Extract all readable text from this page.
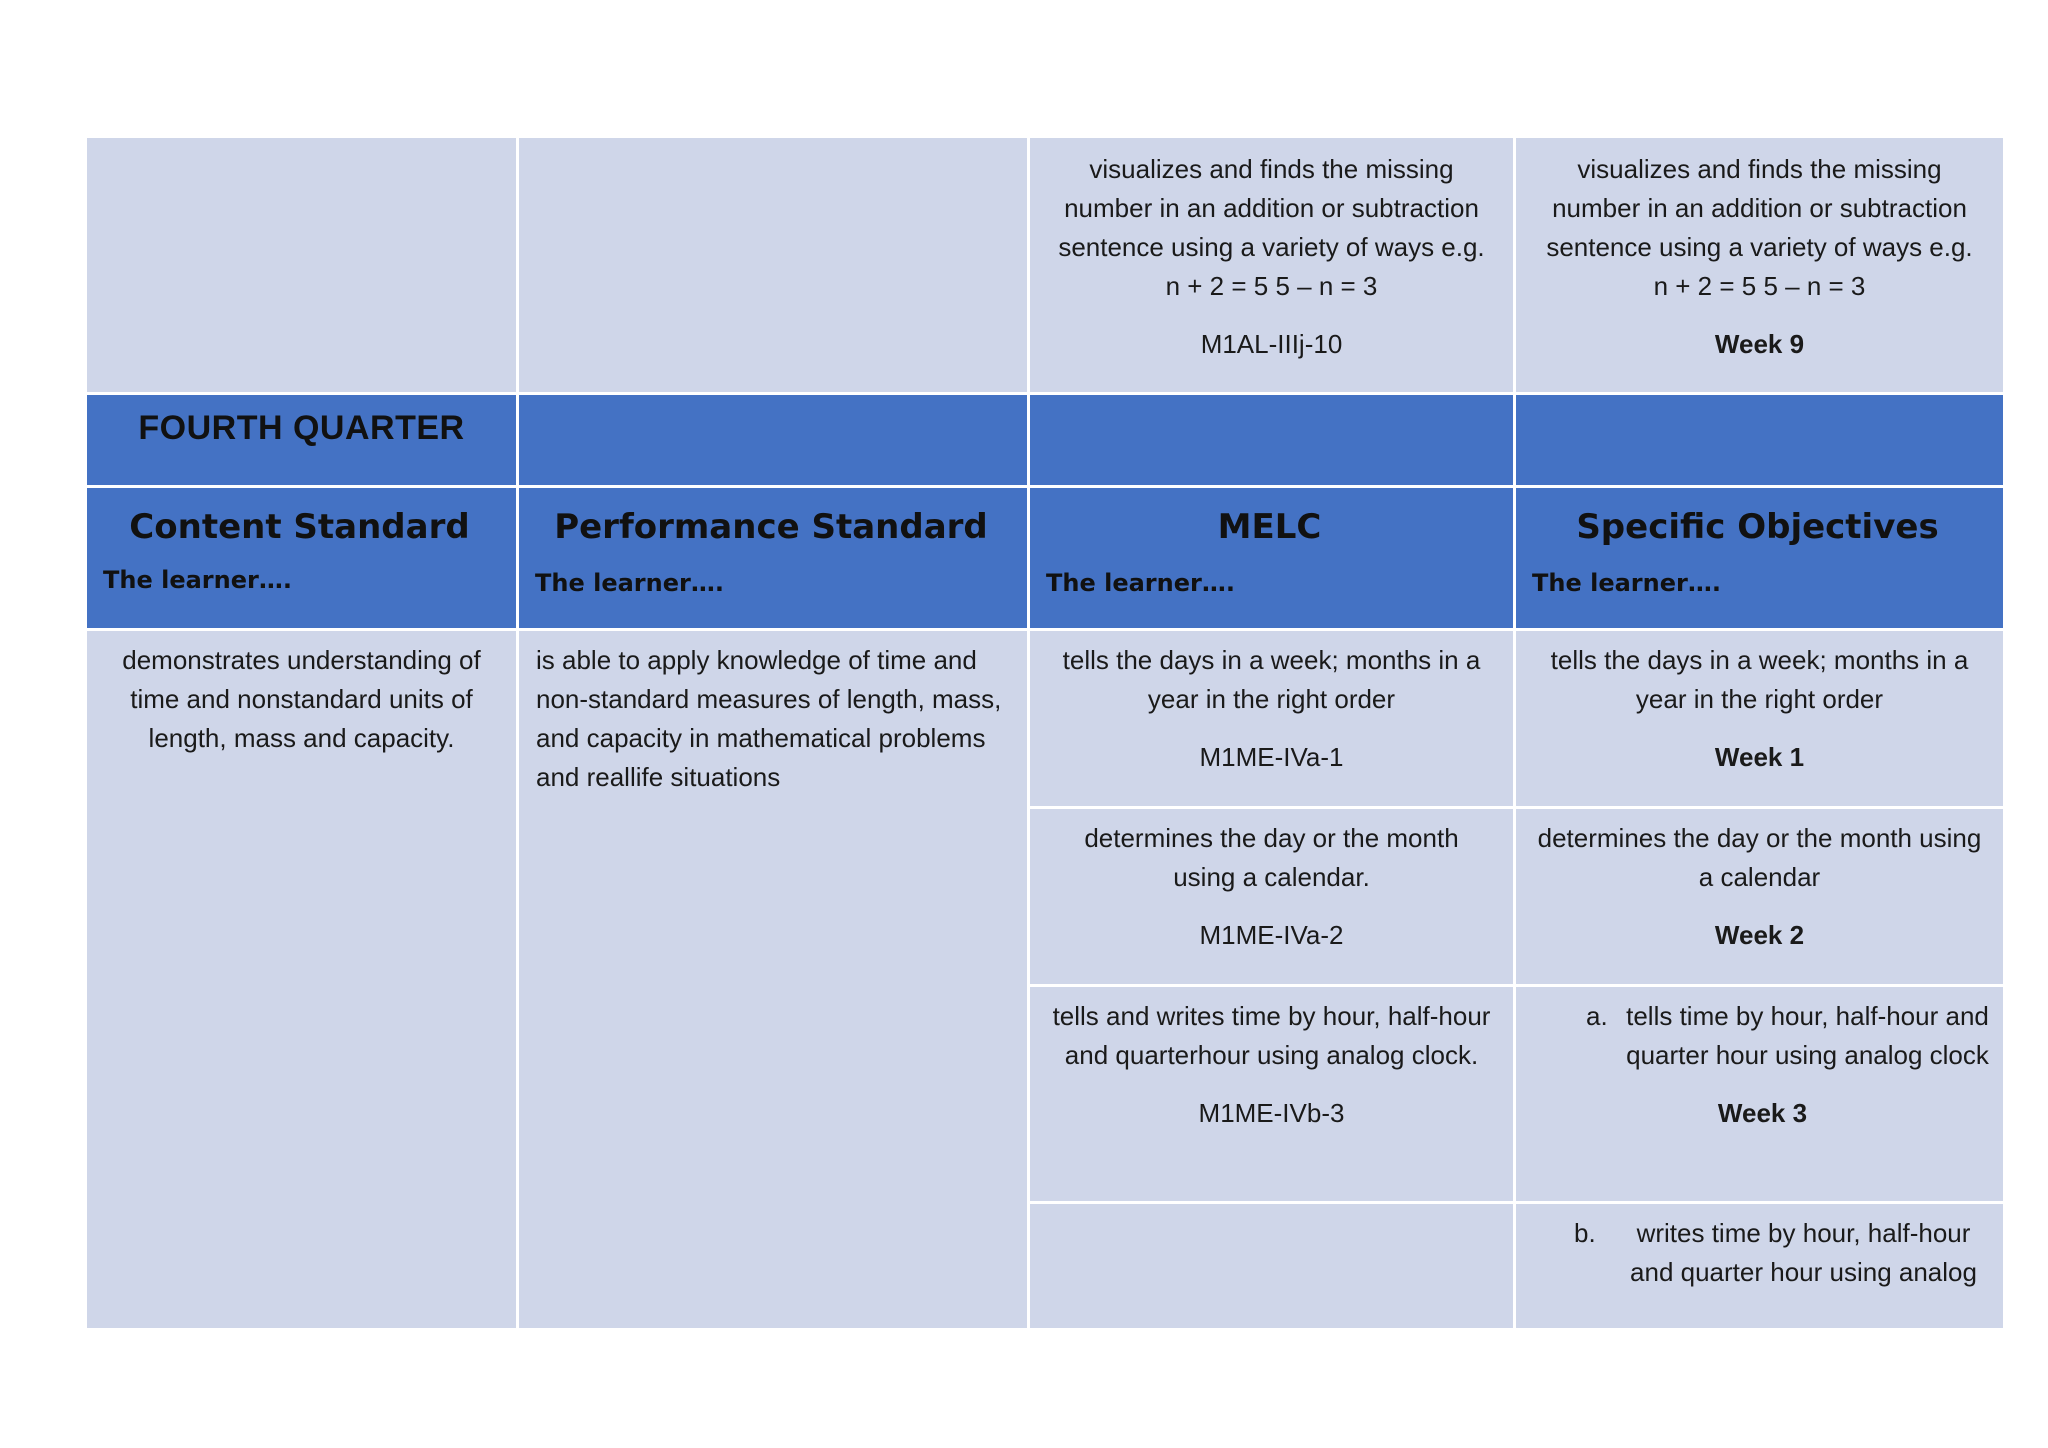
visualizes and finds the missing number in an addition or subtraction sentence using a variety of ways e.g. n + 2 = 5 5 – n = 3

M1AL-IIIj-10

visualizes and finds the missing number in an addition or subtraction sentence using a variety of ways e.g. n + 2 = 5 5 – n = 3

Week 9

FOURTH QUARTER
Content Standard
The learner….
Performance Standard
The learner….
MELC
The learner….
Specific Objectives
The learner….

demonstrates understanding of time and nonstandard units of length, mass and capacity.

is able to apply knowledge of time and non-standard measures of length, mass, and capacity in mathematical problems and reallife situations

tells the days in a week; months in a year in the right order

M1ME-IVa-1

tells the days in a week; months in a year in the right order

Week 1

determines the day or the month using a calendar.

M1ME-IVa-2

determines the day or the month using a calendar

Week 2

tells and writes time by hour, half-hour and quarterhour using analog clock.

M1ME-IVb-3

a. tells time by hour, half-hour and quarter hour using analog clock

Week 3

b.	writes time by hour, half-hour and quarter hour using analog
